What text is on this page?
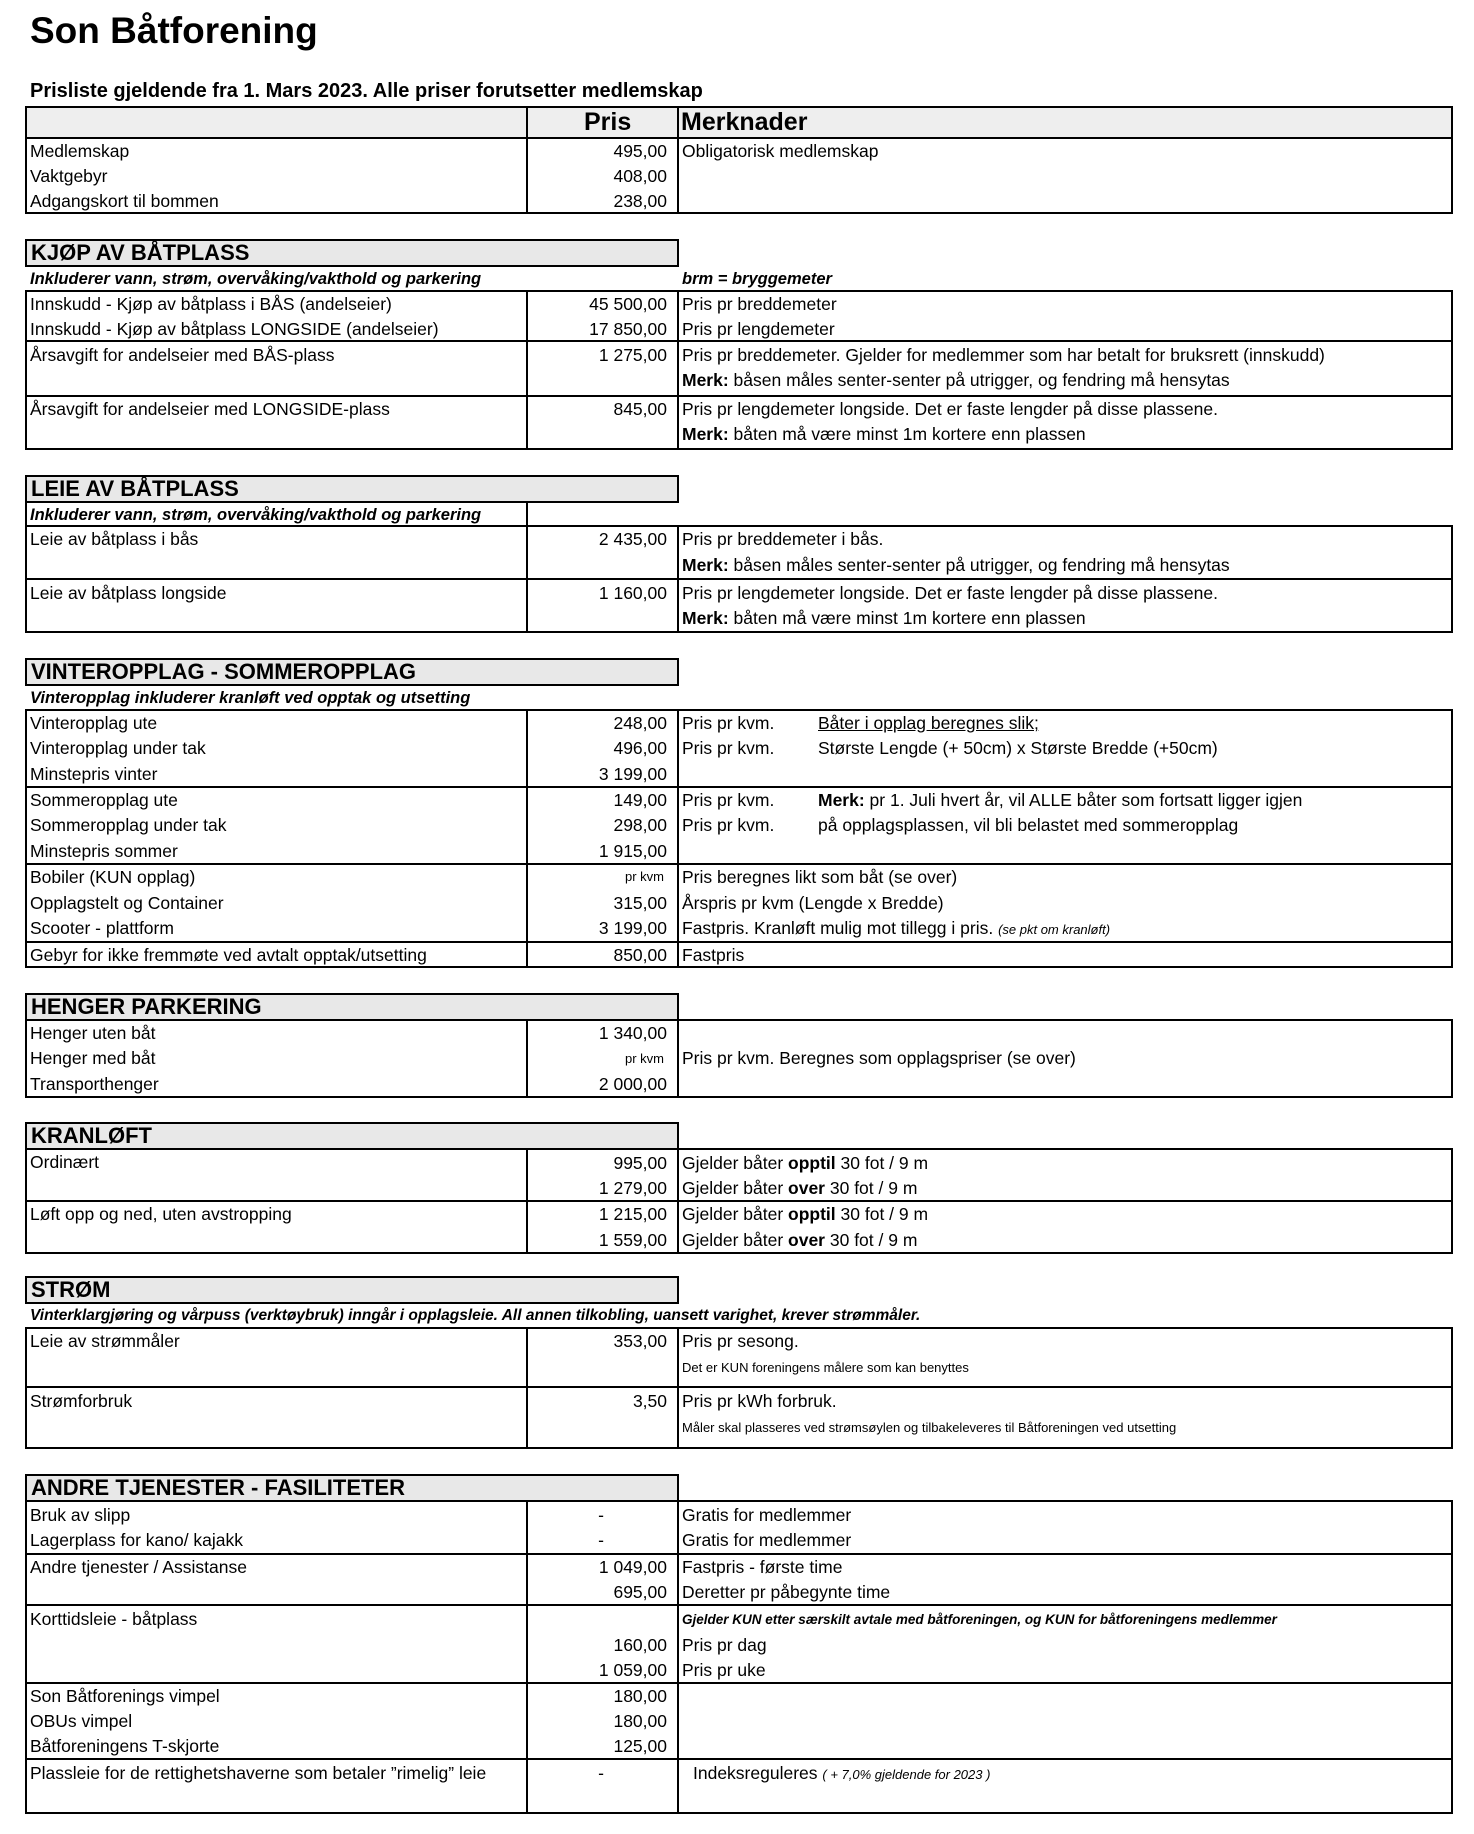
Son Båtforening
Prisliste gjeldende fra 1. Mars 2023. Alle priser forutsetter medlemskap
Pris Merknader
Medlemskap	495,00 Obligatorisk medlemskap
Vaktgebyr	408,00
Adgangskort til bommen	238,00
KJØP AV BÅTPLASS
Inkluderer vann, strøm, overvåking/vakthold og parkering	brm = bryggemeter
Innskudd - Kjøp av båtplass i BÅS (andelseier)	45 500,00 Pris pr breddemeter
Innskudd - Kjøp av båtplass LONGSIDE (andelseier)	17 850,00 Pris pr lengdemeter
Årsavgift for andelseier med BÅS-plass	1 275,00 Pris pr breddemeter. Gjelder for medlemmer som har betalt for bruksrett (innskudd)
Merk: båsen måles senter-senter på utrigger, og fendring må hensytas
Årsavgift for andelseier med LONGSIDE-plass	845,00 Pris pr lengdemeter longside. Det er faste lengder på disse plassene.
Merk: båten må være minst 1m kortere enn plassen
LEIE AV BÅTPLASS
Inkluderer vann, strøm, overvåking/vakthold og parkering
Leie av båtplass i bås	2 435,00 Pris pr breddemeter i bås.
Merk: båsen måles senter-senter på utrigger, og fendring må hensytas
Leie av båtplass longside	1 160,00 Pris pr lengdemeter longside. Det er faste lengder på disse plassene.
Merk: båten må være minst 1m kortere enn plassen
VINTEROPPLAG - SOMMEROPPLAG
Vinteropplag inkluderer kranløft ved opptak og utsetting
Vinteropplag ute	248,00 Pris pr kvm. Båter i opplag beregnes slik;
Vinteropplag under tak	496,00 Pris pr kvm. Største Lengde (+ 50cm) x Største Bredde (+50cm)
Minstepris vinter	3 199,00
Sommeropplag ute	149,00 Pris pr kvm. Merk: pr 1. Juli hvert år, vil ALLE båter som fortsatt ligger igjen
Sommeropplag under tak	298,00 Pris pr kvm. på opplagsplassen, vil bli belastet med sommeropplag
Minstepris sommer	1 915,00
Bobiler (KUN opplag)	pr kvm Pris beregnes likt som båt (se over)
Opplagstelt og Container	315,00 Årspris pr kvm (Lengde x Bredde)
Scooter - plattform	3 199,00 Fastpris. Kranløft mulig mot tillegg i pris. (se pkt om kranløft)
Gebyr for ikke fremmøte ved avtalt opptak/utsetting	850,00 Fastpris
HENGER PARKERING
Henger uten båt	1 340,00
Henger med båt	pr kvm Pris pr kvm. Beregnes som opplagspriser (se over)
Transporthenger	2 000,00
KRANLØFT
Ordinært	995,00 Gjelder båter opptil 30 fot / 9 m
1 279,00 Gjelder båter over 30 fot / 9 m
Løft opp og ned, uten avstropping	1 215,00 Gjelder båter opptil 30 fot / 9 m
1 559,00 Gjelder båter over 30 fot / 9 m
STRØM
Vinterklargjøring og vårpuss (verktøybruk) inngår i opplagsleie. All annen tilkobling, uansett varighet, krever strømmåler.
Leie av strømmåler	353,00 Pris pr sesong.
Det er KUN foreningens målere som kan benyttes
Strømforbruk	3,50 Pris pr kWh forbruk.
Måler skal plasseres ved strømsøylen og tilbakeleveres til Båtforeningen ved utsetting
ANDRE TJENESTER - FASILITETER
Bruk av slipp	-	Gratis for medlemmer
Lagerplass for kano/ kajakk	-	Gratis for medlemmer
Andre tjenester / Assistanse	1 049,00 Fastpris - første time
695,00 Deretter pr påbegynte time
Korttidsleie - båtplass	Gjelder KUN etter særskilt avtale med båtforeningen, og KUN for båtforeningens medlemmer
160,00 Pris pr dag
1 059,00 Pris pr uke
Son Båtforenings vimpel	180,00
OBUs vimpel	180,00
Båtforeningens T-skjorte	125,00
Plassleie for de rettighetshaverne som betaler ”rimelig” leie	-	Indeksreguleres ( + 7,0% gjeldende for 2023 )
